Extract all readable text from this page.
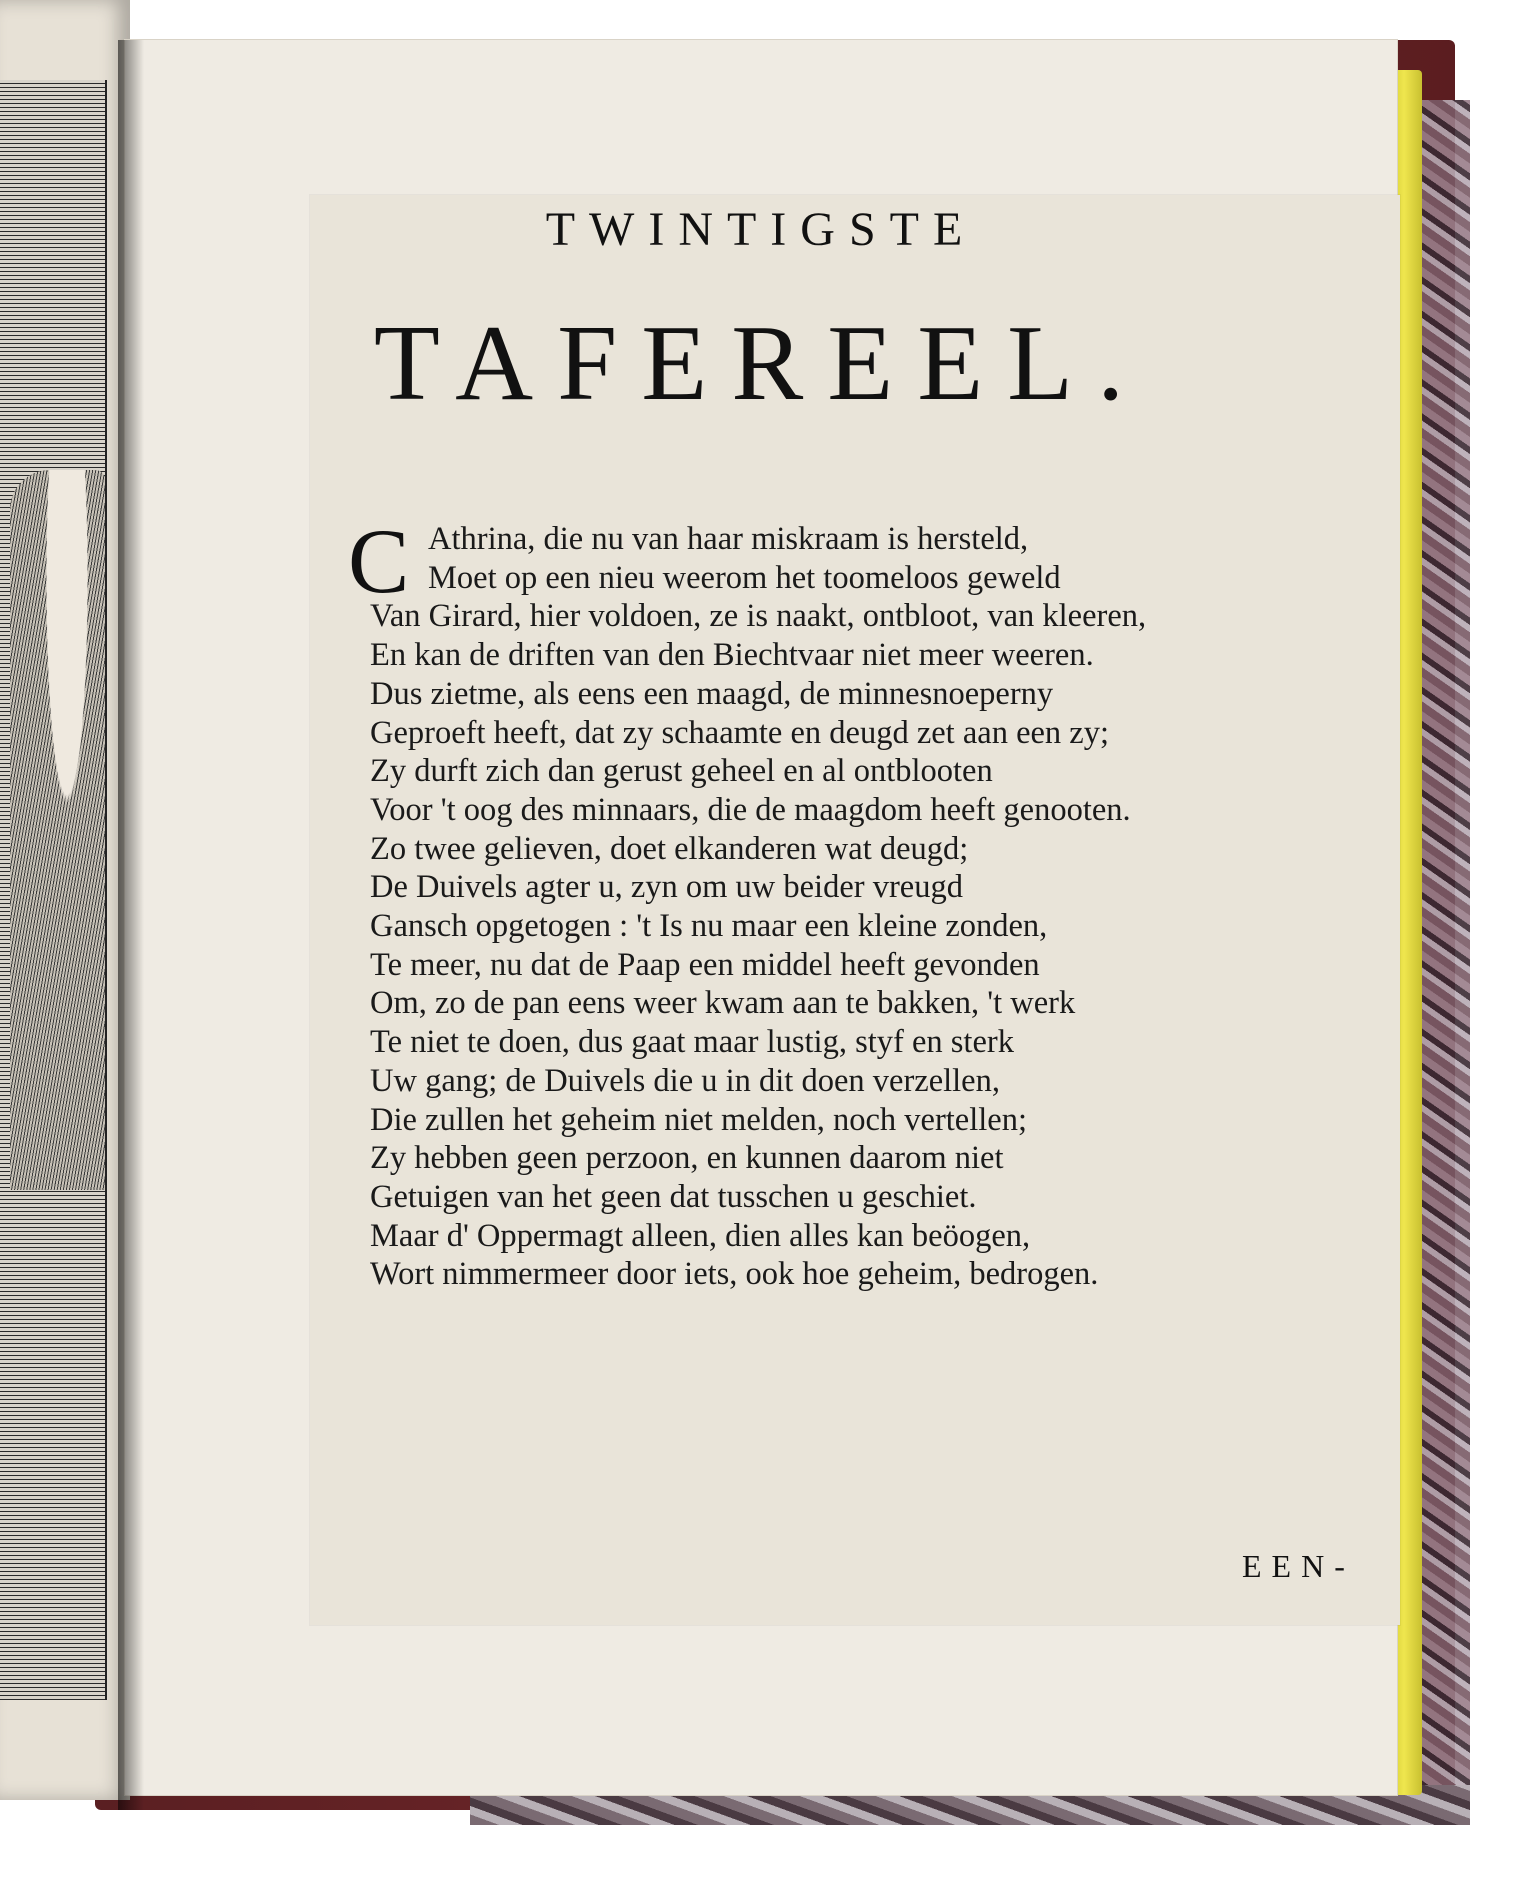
TWINTIGSTE
TAFEREEL.
C Athrina, die nu van haar miskraam is hersteld,
Moet op een nieu weerom het toomeloos geweld
Van Girard, hier voldoen, ze is naakt, ontbloot, van kleeren,
En kan de driften van den Biechtvaar niet meer weeren.
Dus zietme, als eens een maagd, de minnesnoeperny
Geproeft heeft, dat zy schaamte en deugd zet aan een zy;
Zy durft zich dan gerust geheel en al ontblooten
Voor 't oog des minnaars, die de maagdom heeft genooten.
Zo twee gelieven, doet elkanderen wat deugd;
De Duivels agter u, zyn om uw beider vreugd
Gansch opgetogen : 't Is nu maar een kleine zonden,
Te meer, nu dat de Paap een middel heeft gevonden
Om, zo de pan eens weer kwam aan te bakken, 't werk
Te niet te doen, dus gaat maar lustig, styf en sterk
Uw gang; de Duivels die u in dit doen verzellen,
Die zullen het geheim niet melden, noch vertellen;
Zy hebben geen perzoon, en kunnen daarom niet
Getuigen van het geen dat tusschen u geschiet.
Maar d' Oppermagt alleen, dien alles kan beöogen,
Wort nimmermeer door iets, ook hoe geheim, bedrogen.
EEN-
